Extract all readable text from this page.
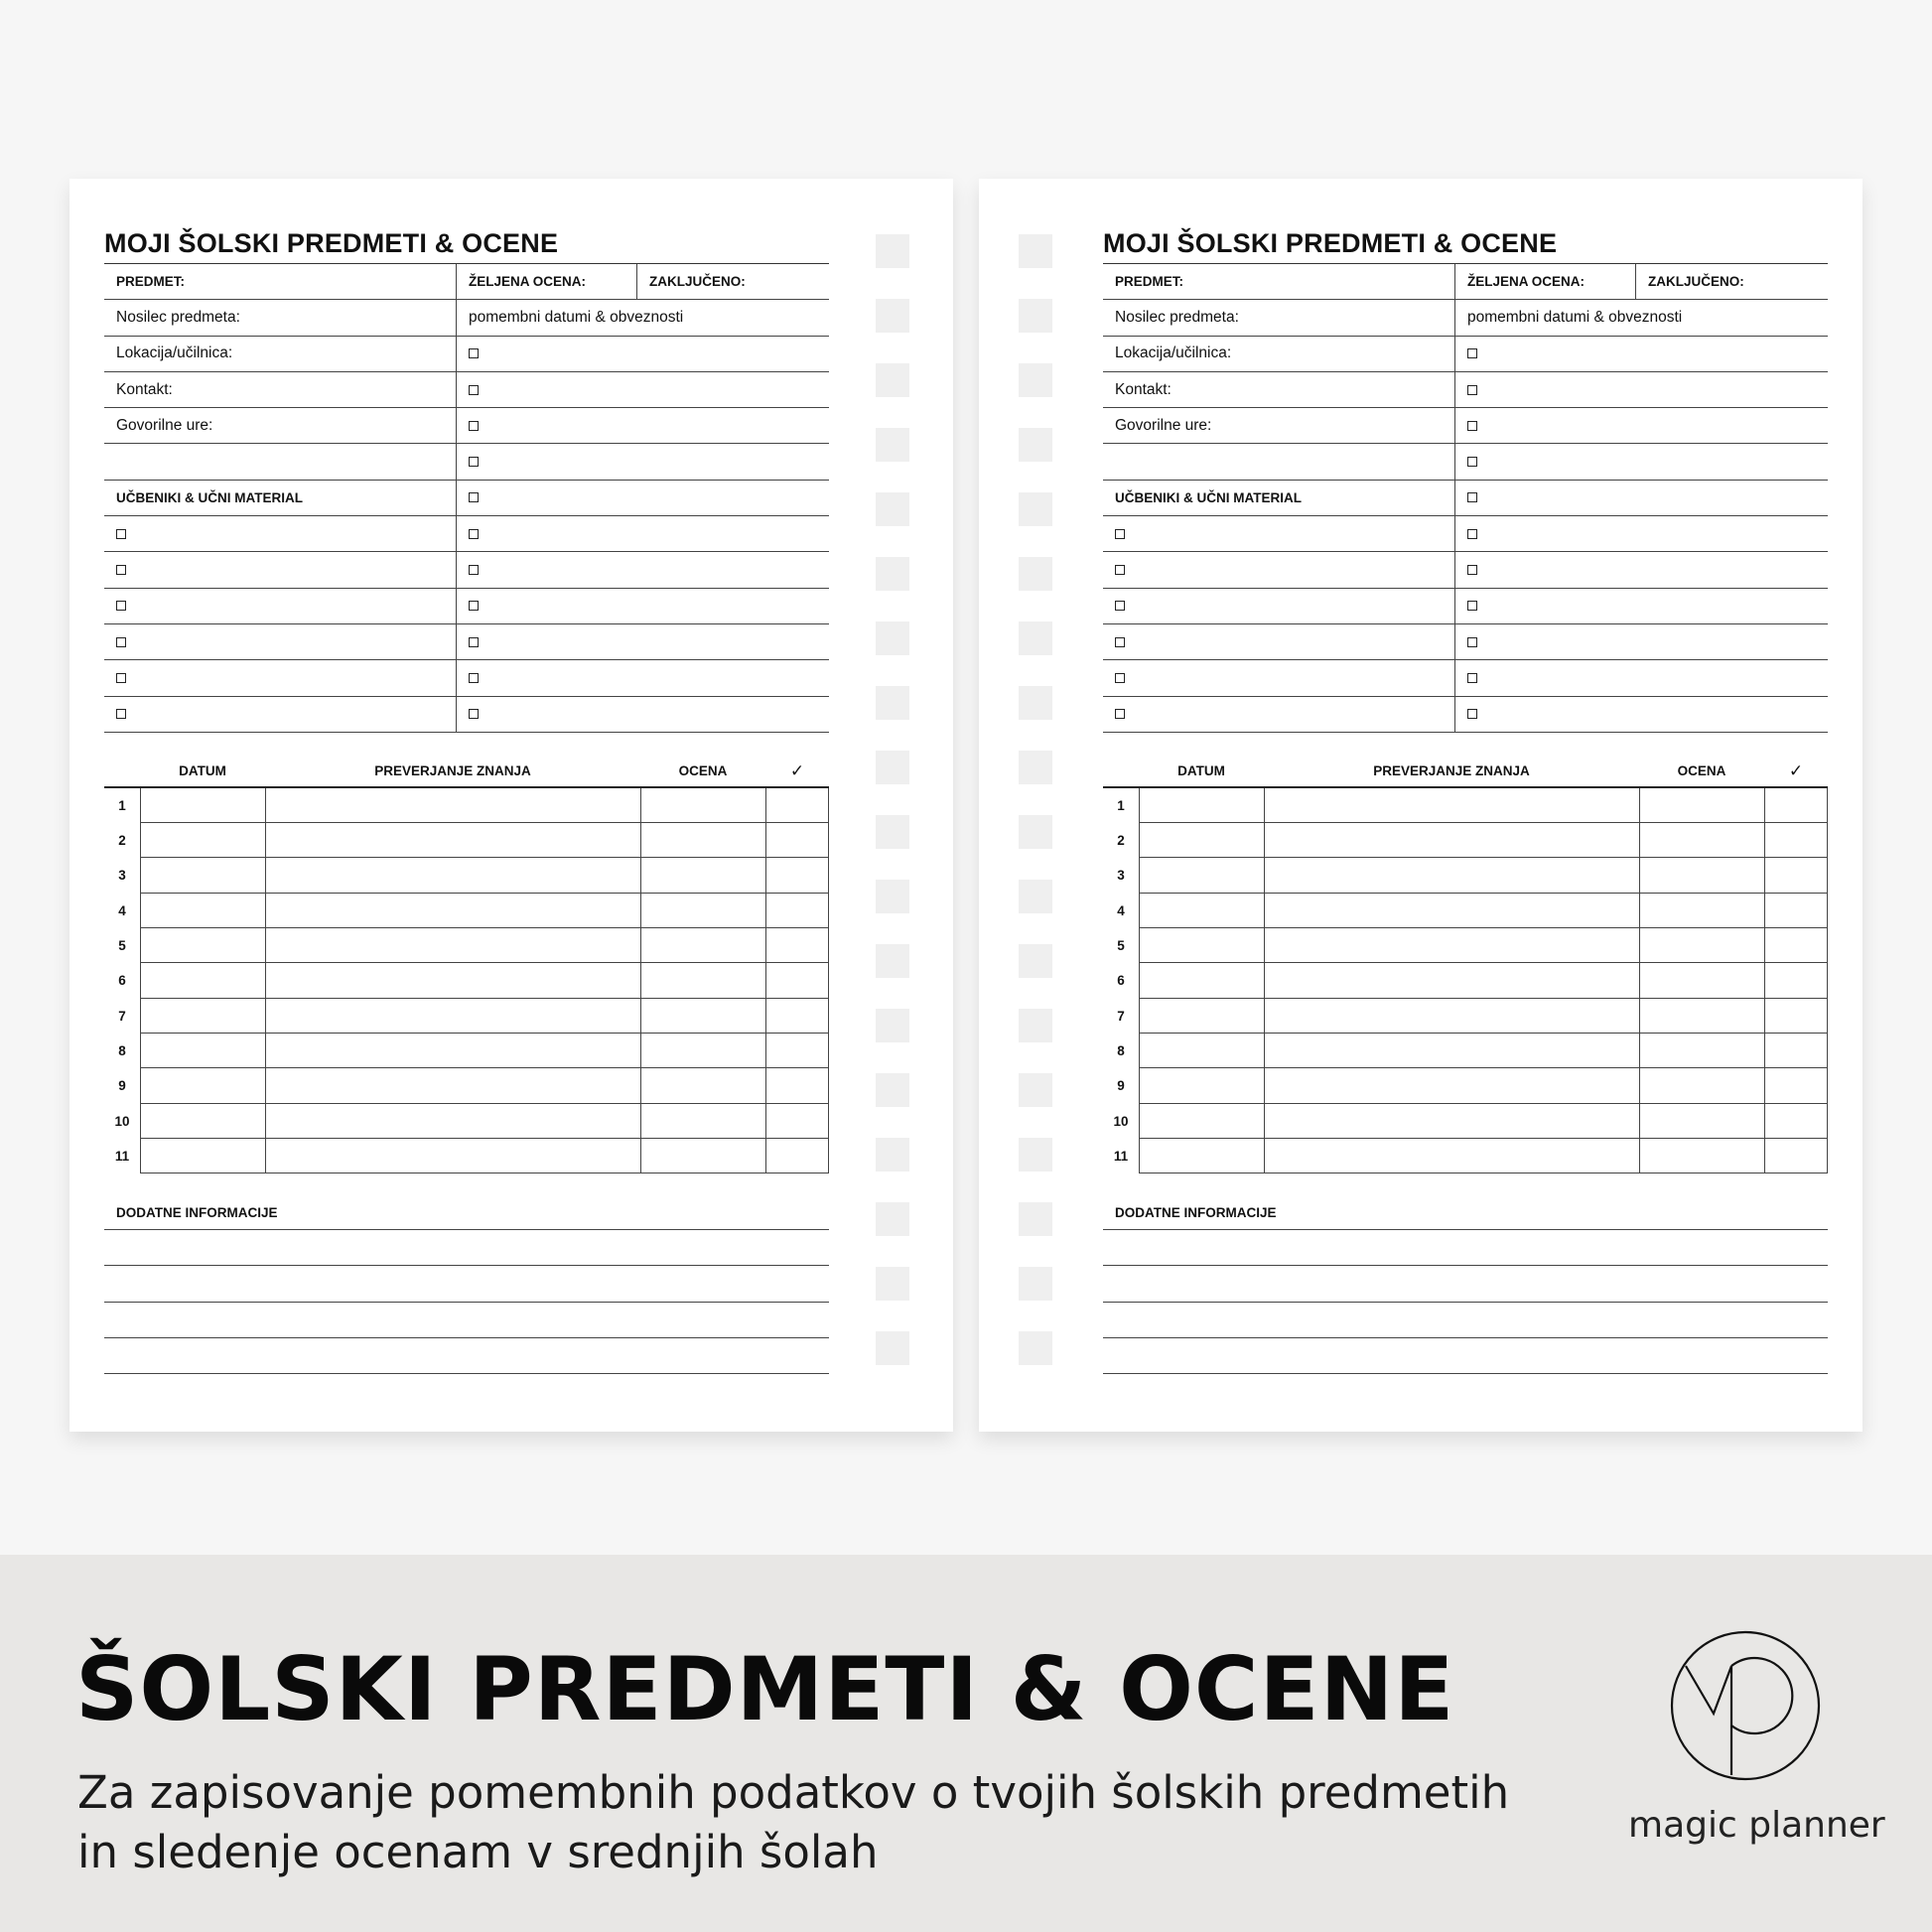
MOJI ŠOLSKI PREDMETI & OCENE
PREDMET:	ŽELJENA OCENA:	ZAKLJUČENO:
Nosilec predmeta:	pomembni datumi & obveznosti
Lokacija/učilnica:
Kontakt:
Govorilne ure:
UČBENIKI & UČNI MATERIAL
DATUM	PREVERJANJE ZNANJA	OCENA	✓
1
2
3
4
5
6
7
8
9
10
11
DODATNE INFORMACIJE
MOJI ŠOLSKI PREDMETI & OCENE
PREDMET:	ŽELJENA OCENA:	ZAKLJUČENO:
Nosilec predmeta:	pomembni datumi & obveznosti
Lokacija/učilnica:
Kontakt:
Govorilne ure:
UČBENIKI & UČNI MATERIAL
DATUM	PREVERJANJE ZNANJA	OCENA	✓
1
2
3
4
5
6
7
8
9
10
11
DODATNE INFORMACIJE
ŠOLSKI PREDMETI & OCENE
Za zapisovanje pomembnih podatkov o tvojih šolskih predmetih
in sledenje ocenam v srednjih šolah
magic planner
